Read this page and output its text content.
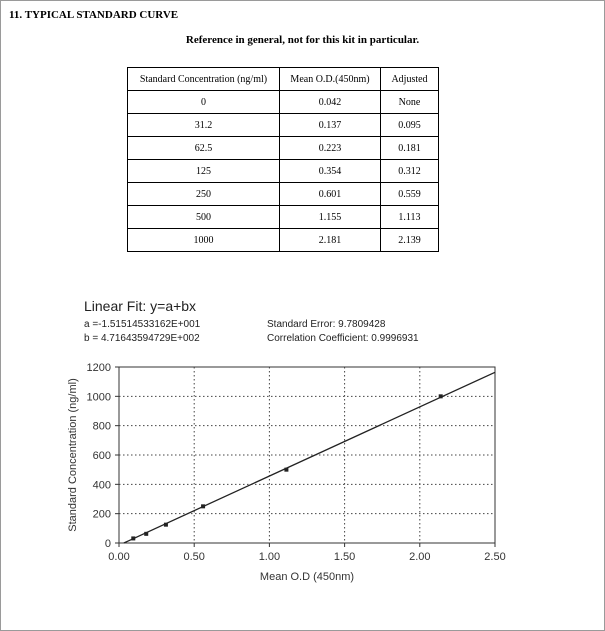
11. TYPICAL STANDARD CURVE
Reference in general, not for this kit in particular.
Standard Concentration (ng/ml)	Mean O.D.(450nm)	Adjusted
0	0.042	None
31.2	0.137	0.095
62.5	0.223	0.181
125	0.354	0.312
250	0.601	0.559
500	1.155	1.113
1000	2.181	2.139
Linear Fit: y=a+bx
a =-1.51514533162E+001
b = 4.71643594729E+002
Standard Error: 9.7809428
Correlation Coefficient: 0.9996931
0.00	0.50	1.00	1.50	2.00	2.50
0
200
400
600
800
1000
1200
Mean O.D (450nm)
Standard Concentration (ng/ml)
